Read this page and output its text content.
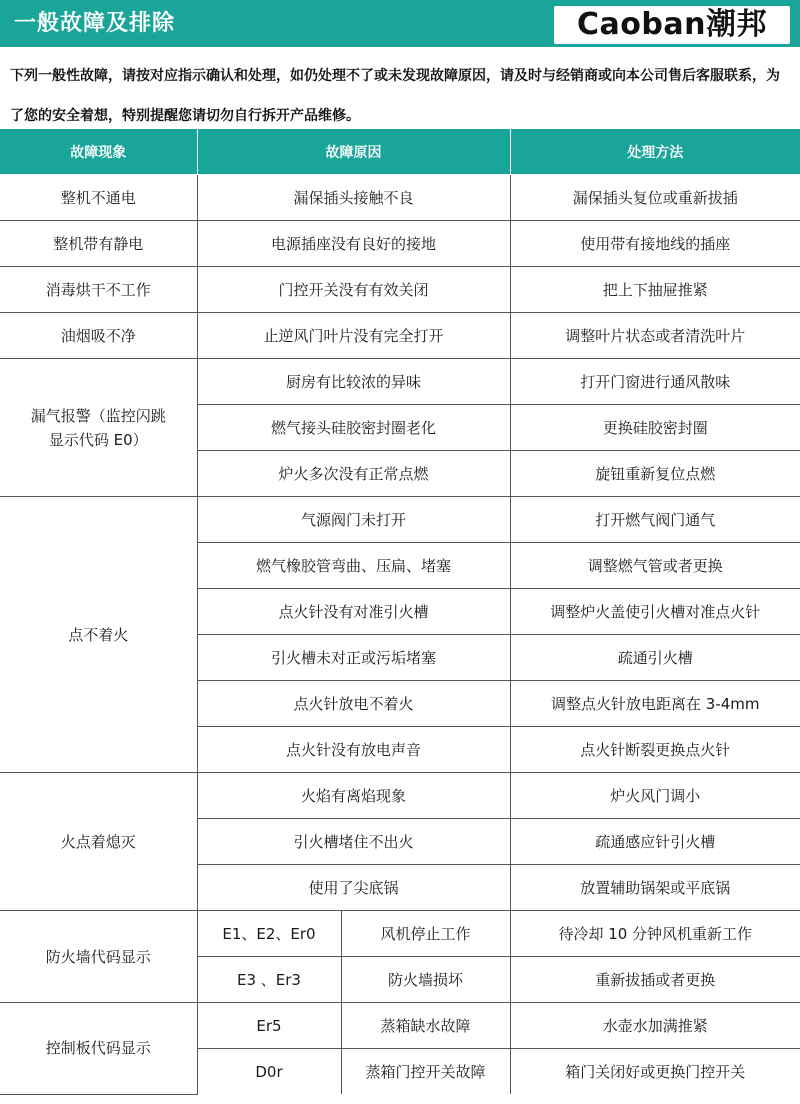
一般故障及排除	Caoban潮邦
下列一般性故障，请按对应指示确认和处理，如仍处理不了或未发现故障原因，请及时与经销商或向本公司售后客服联系，为了您的安全着想，特别提醒您请切勿自行拆开产品维修。
故障现象	故障原因		处理方法
整机不通电	漏保插头接触不良		漏保插头复位或重新拔插
整机带有静电	电源插座没有良好的接地		使用带有接地线的插座
消毒烘干不工作	门控开关没有有效关闭		把上下抽屉推紧
油烟吸不净	止逆风门叶片没有完全打开		调整叶片状态或者清洗叶片
漏气报警（监控闪跳
显示代码 E0）	厨房有比较浓的异味		打开门窗进行通风散味
	燃气接头硅胶密封圈老化		更换硅胶密封圈
	炉火多次没有正常点燃		旋钮重新复位点燃
点不着火	气源阀门未打开		打开燃气阀门通气
	燃气橡胶管弯曲、压扁、堵塞		调整燃气管或者更换
	点火针没有对准引火槽		调整炉火盖使引火槽对准点火针
	引火槽未对正或污垢堵塞		疏通引火槽
	点火针放电不着火		调整点火针放电距离在 3-4mm
	点火针没有放电声音		点火针断裂更换点火针
火点着熄灭	火焰有离焰现象		炉火风门调小
	引火槽堵住不出火		疏通感应针引火槽
	使用了尖底锅		放置辅助锅架或平底锅
防火墙代码显示	E1、E2、Er0	风机停止工作	待冷却 10 分钟风机重新工作
	E3 、Er3	防火墙损坏	重新拔插或者更换
控制板代码显示	Er5	蒸箱缺水故障	水壶水加满推紧
	D0r	蒸箱门控开关故障	箱门关闭好或更换门控开关
